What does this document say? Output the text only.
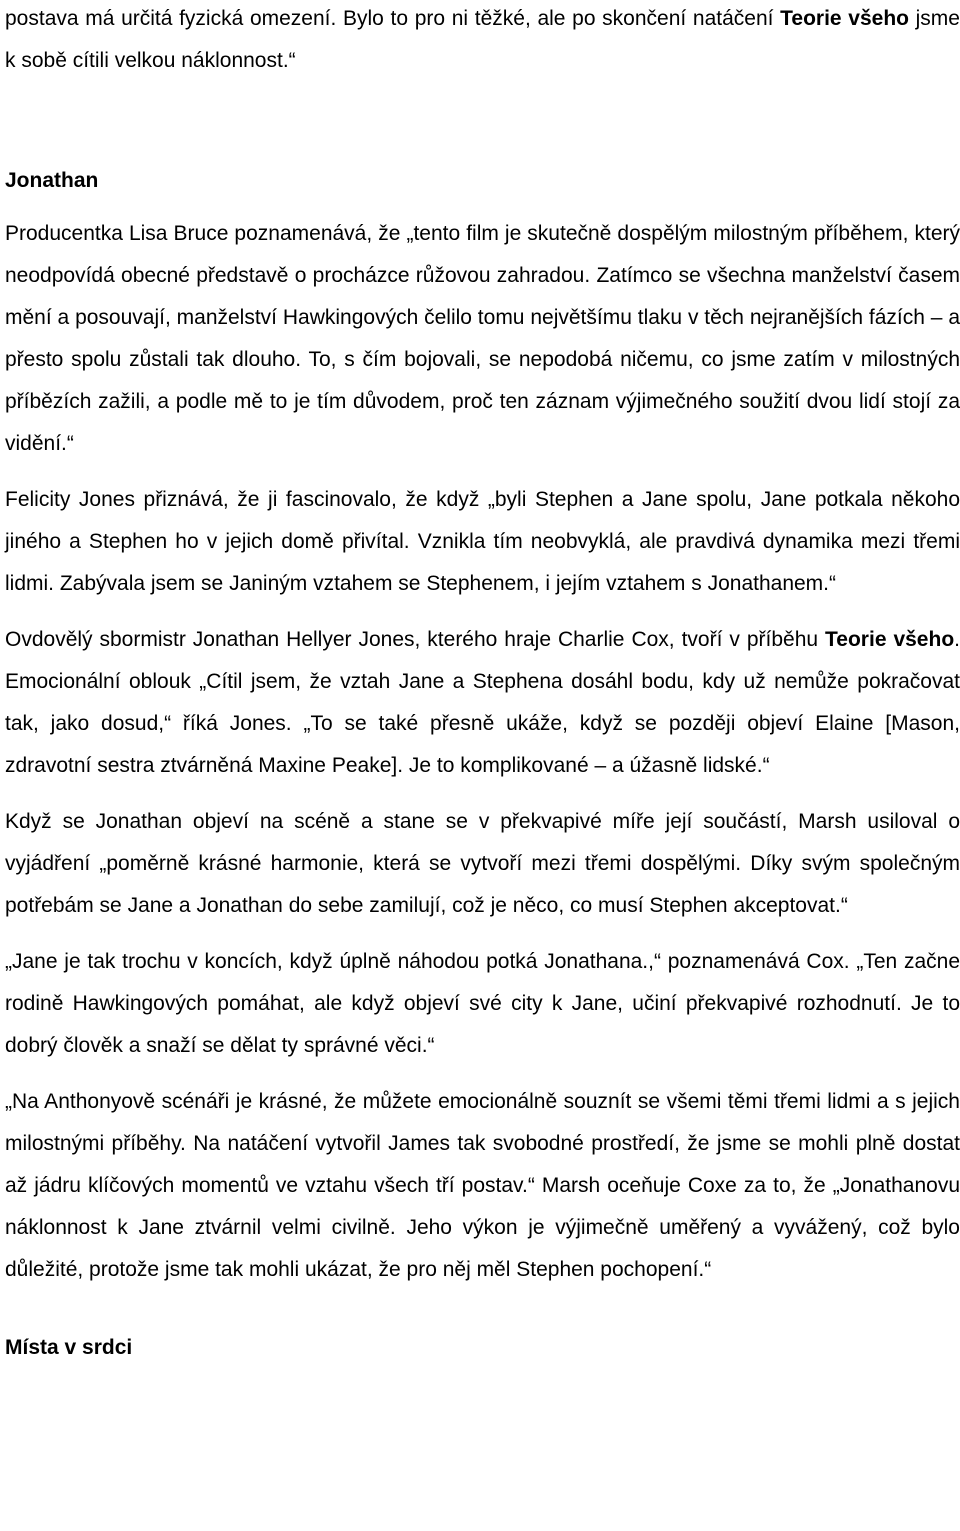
postava má určitá fyzická omezení. Bylo to pro ni těžké, ale po skončení natáčení Teorie všeho jsme k sobě cítili velkou náklonnost.“

Jonathan

Producentka Lisa Bruce poznamenává, že „tento film je skutečně dospělým milostným příběhem, který neodpovídá obecné představě o procházce růžovou zahradou. Zatímco se všechna manželství časem mění a posouvají, manželství Hawkingových čelilo tomu největšímu tlaku v těch nejranějších fázích – a přesto spolu zůstali tak dlouho. To, s čím bojovali, se nepodobá ničemu, co jsme zatím v milostných příbězích zažili, a podle mě to je tím důvodem, proč ten záznam výjimečného soužití dvou lidí stojí za vidění.“

Felicity Jones přiznává, že ji fascinovalo, že když „byli Stephen a Jane spolu, Jane potkala někoho jiného a Stephen ho v jejich domě přivítal. Vznikla tím neobvyklá, ale pravdivá dynamika mezi třemi lidmi. Zabývala jsem se Janiným vztahem se Stephenem, i jejím vztahem s Jonathanem.“

Ovdovělý sbormistr Jonathan Hellyer Jones, kterého hraje Charlie Cox, tvoří v příběhu Teorie všeho. Emocionální oblouk „Cítil jsem, že vztah Jane a Stephena dosáhl bodu, kdy už nemůže pokračovat tak, jako dosud,“ říká Jones. „To se také přesně ukáže, když se později objeví Elaine [Mason, zdravotní sestra ztvárněná Maxine Peake]. Je to komplikované – a úžasně lidské.“

Když se Jonathan objeví na scéně a stane se v překvapivé míře její součástí, Marsh usiloval o vyjádření „poměrně krásné harmonie, která se vytvoří mezi třemi dospělými. Díky svým společným potřebám se Jane a Jonathan do sebe zamilují, což je něco, co musí Stephen akceptovat.“

„Jane je tak trochu v koncích, když úplně náhodou potká Jonathana.,“ poznamenává Cox. „Ten začne rodině Hawkingových pomáhat, ale když objeví své city k Jane, učiní překvapivé rozhodnutí. Je to dobrý člověk a snaží se dělat ty správné věci.“

„Na Anthonyově scénáři je krásné, že můžete emocionálně souznít se všemi těmi třemi lidmi a s jejich milostnými příběhy. Na natáčení vytvořil James tak svobodné prostředí, že jsme se mohli plně dostat až jádru klíčových momentů ve vztahu všech tří postav.“ Marsh oceňuje Coxe za to, že „Jonathanovu náklonnost k Jane ztvárnil velmi civilně. Jeho výkon je výjimečně uměřený a vyvážený, což bylo důležité, protože jsme tak mohli ukázat, že pro něj měl Stephen pochopení.“

Místa v srdci
